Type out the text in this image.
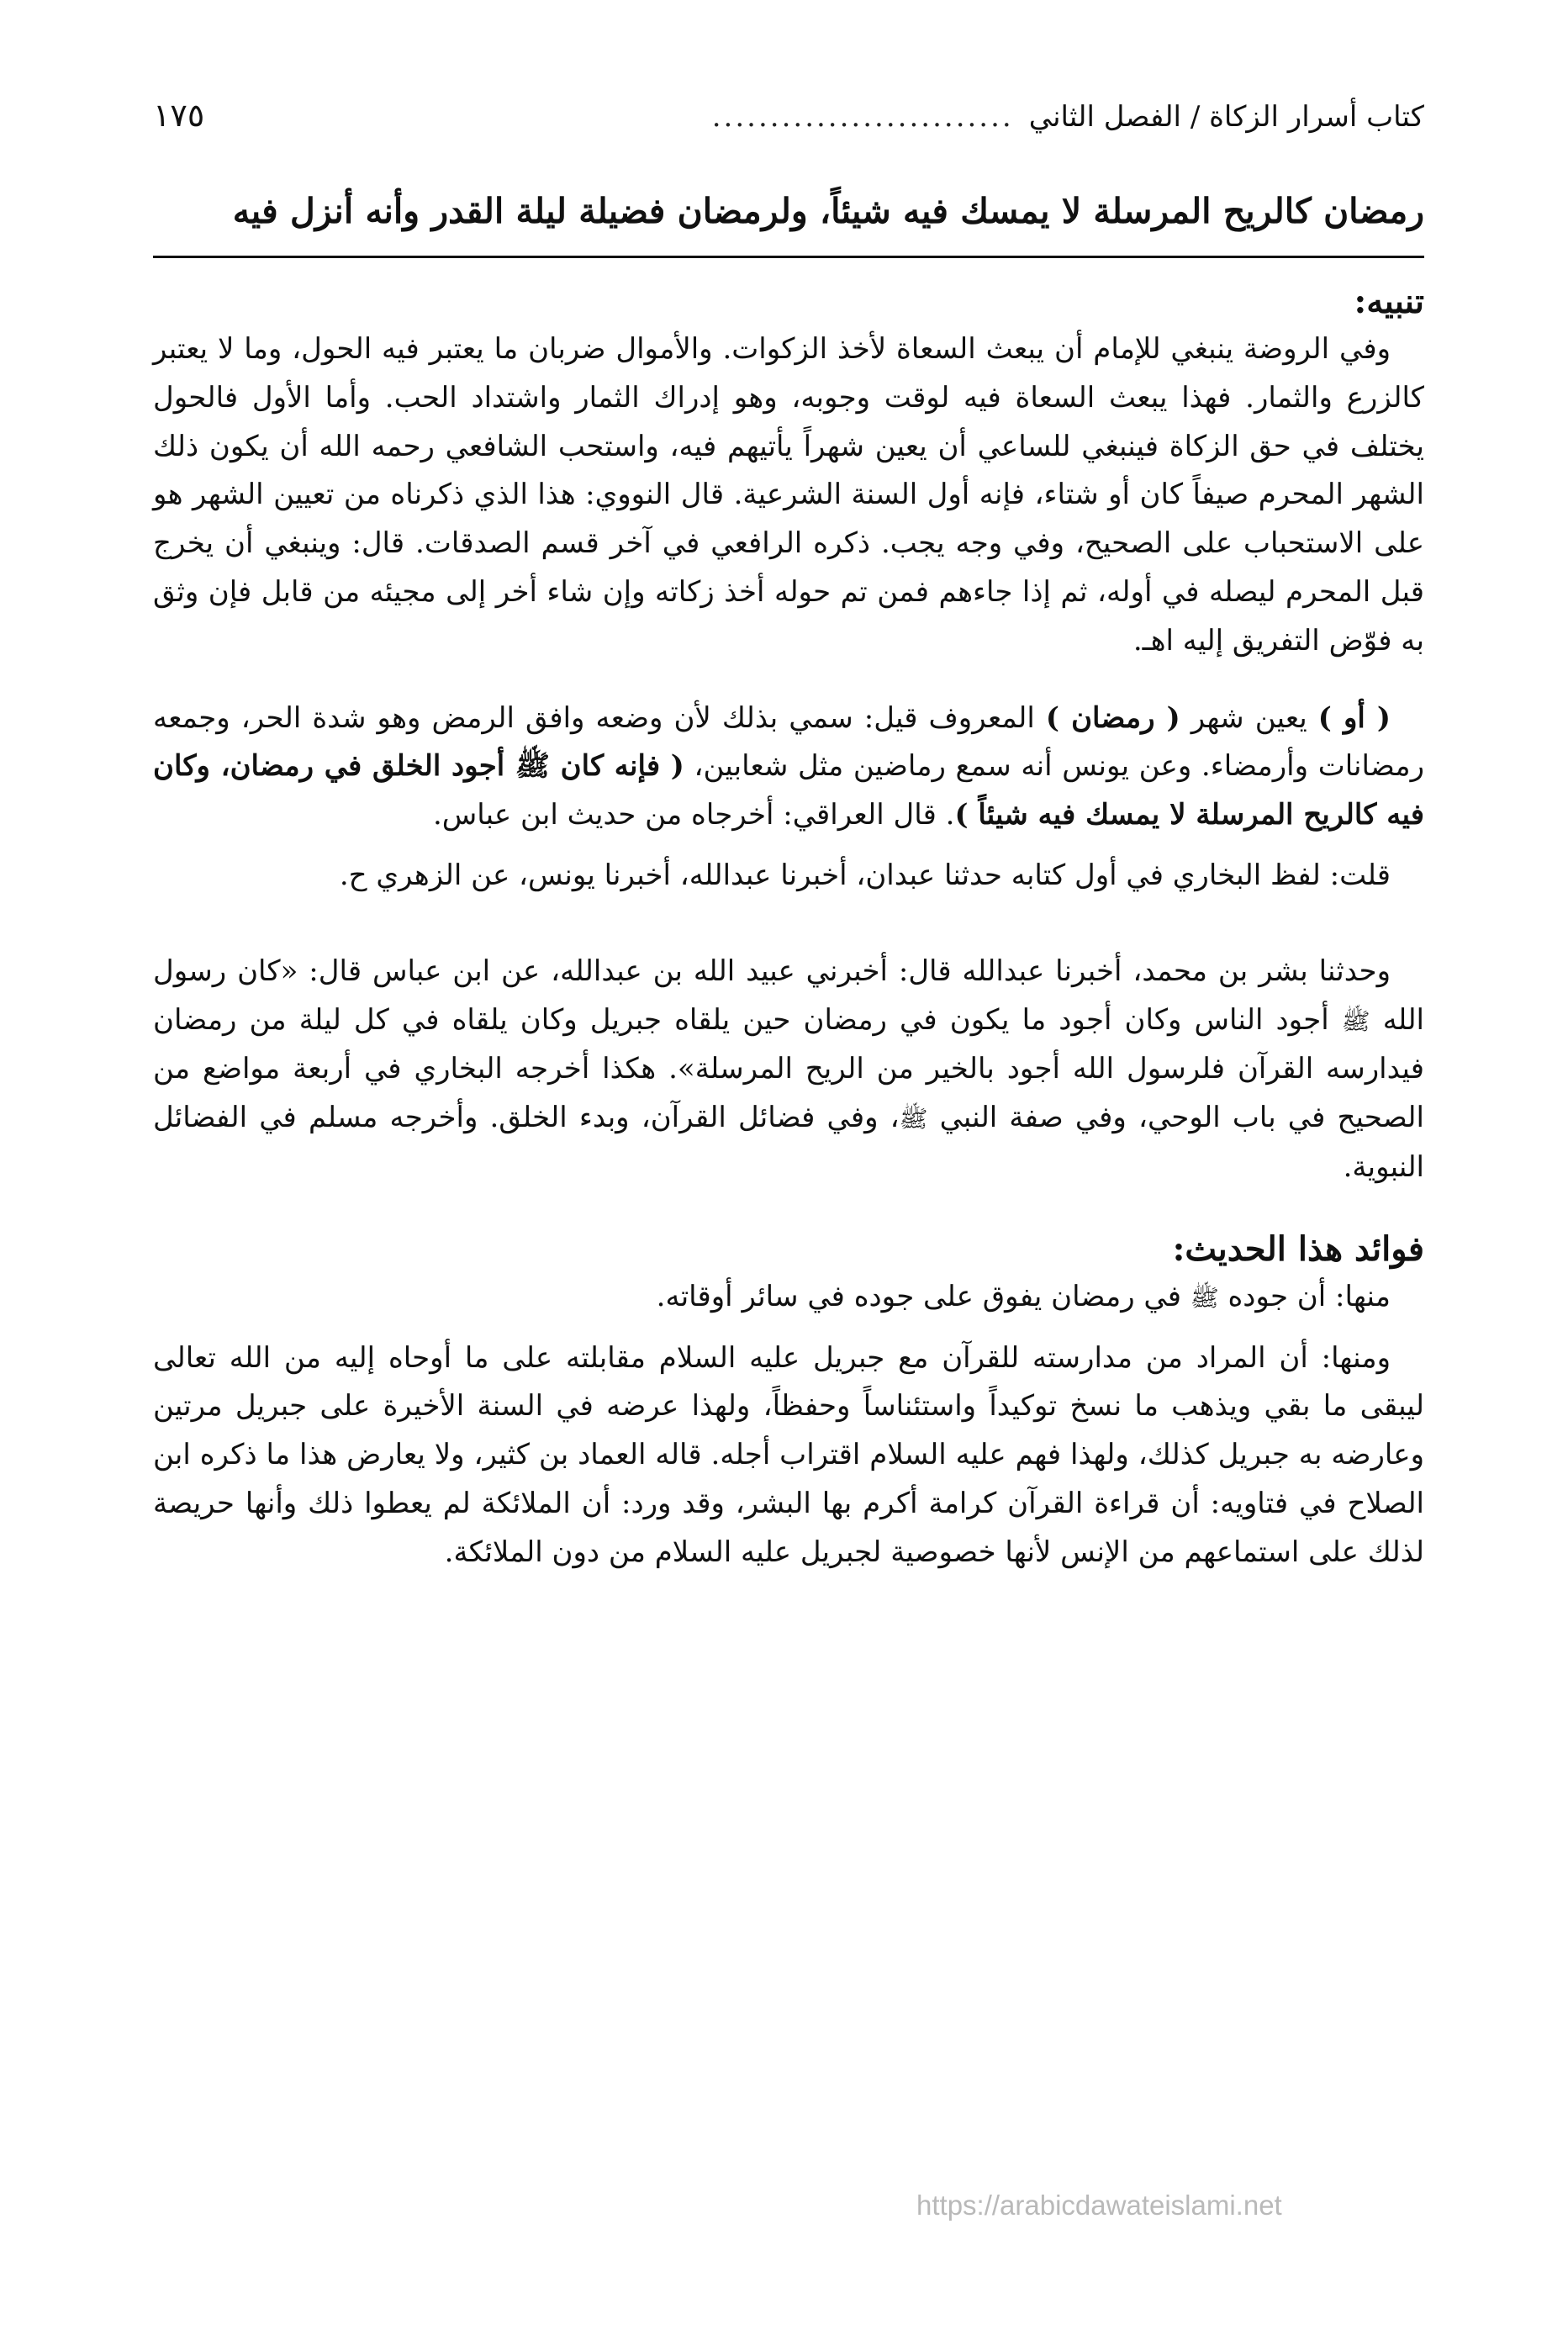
كتاب أسرار الزكاة / الفصل الثاني
..........................
١٧٥
رمضان كالريح المرسلة لا يمسك فيه شيئاً، ولرمضان فضيلة ليلة القدر وأنه أنزل فيه
تنبيه:

وفي الروضة ينبغي للإمام أن يبعث السعاة لأخذ الزكوات. والأموال ضربان ما يعتبر فيه الحول، وما لا يعتبر كالزرع والثمار. فهذا يبعث السعاة فيه لوقت وجوبه، وهو إدراك الثمار واشتداد الحب. وأما الأول فالحول يختلف في حق الزكاة فينبغي للساعي أن يعين شهراً يأتيهم فيه، واستحب الشافعي رحمه الله أن يكون ذلك الشهر المحرم صيفاً كان أو شتاء، فإنه أول السنة الشرعية. قال النووي: هذا الذي ذكرناه من تعيين الشهر هو على الاستحباب على الصحيح، وفي وجه يجب. ذكره الرافعي في آخر قسم الصدقات. قال: وينبغي أن يخرج قبل المحرم ليصله في أوله، ثم إذا جاءهم فمن تم حوله أخذ زكاته وإن شاء أخر إلى مجيئه من قابل فإن وثق به فوّض التفريق إليه اهـ.

( أو ) يعين شهر ( رمضان ) المعروف قيل: سمي بذلك لأن وضعه وافق الرمض وهو شدة الحر، وجمعه رمضانات وأرمضاء. وعن يونس أنه سمع رماضين مثل شعابين، ( فإنه كان ﷺ أجود الخلق في رمضان، وكان فيه كالريح المرسلة لا يمسك فيه شيئاً ). قال العراقي: أخرجاه من حديث ابن عباس.

قلت: لفظ البخاري في أول كتابه حدثنا عبدان، أخبرنا عبدالله، أخبرنا يونس، عن الزهري ح.

وحدثنا بشر بن محمد، أخبرنا عبدالله قال: أخبرني عبيد الله بن عبدالله، عن ابن عباس قال: «كان رسول الله ﷺ أجود الناس وكان أجود ما يكون في رمضان حين يلقاه جبريل وكان يلقاه في كل ليلة من رمضان فيدارسه القرآن فلرسول الله أجود بالخير من الريح المرسلة». هكذا أخرجه البخاري في أربعة مواضع من الصحيح في باب الوحي، وفي صفة النبي ﷺ، وفي فضائل القرآن، وبدء الخلق. وأخرجه مسلم في الفضائل النبوية.

فوائد هذا الحديث:

منها: أن جوده ﷺ في رمضان يفوق على جوده في سائر أوقاته.

ومنها: أن المراد من مدارسته للقرآن مع جبريل عليه السلام مقابلته على ما أوحاه إليه من الله تعالى ليبقى ما بقي ويذهب ما نسخ توكيداً واستئناساً وحفظاً، ولهذا عرضه في السنة الأخيرة على جبريل مرتين وعارضه به جبريل كذلك، ولهذا فهم عليه السلام اقتراب أجله. قاله العماد بن كثير، ولا يعارض هذا ما ذكره ابن الصلاح في فتاويه: أن قراءة القرآن كرامة أكرم بها البشر، وقد ورد: أن الملائكة لم يعطوا ذلك وأنها حريصة لذلك على استماعهم من الإنس لأنها خصوصية لجبريل عليه السلام من دون الملائكة.

https://arabicdawateislami.net
